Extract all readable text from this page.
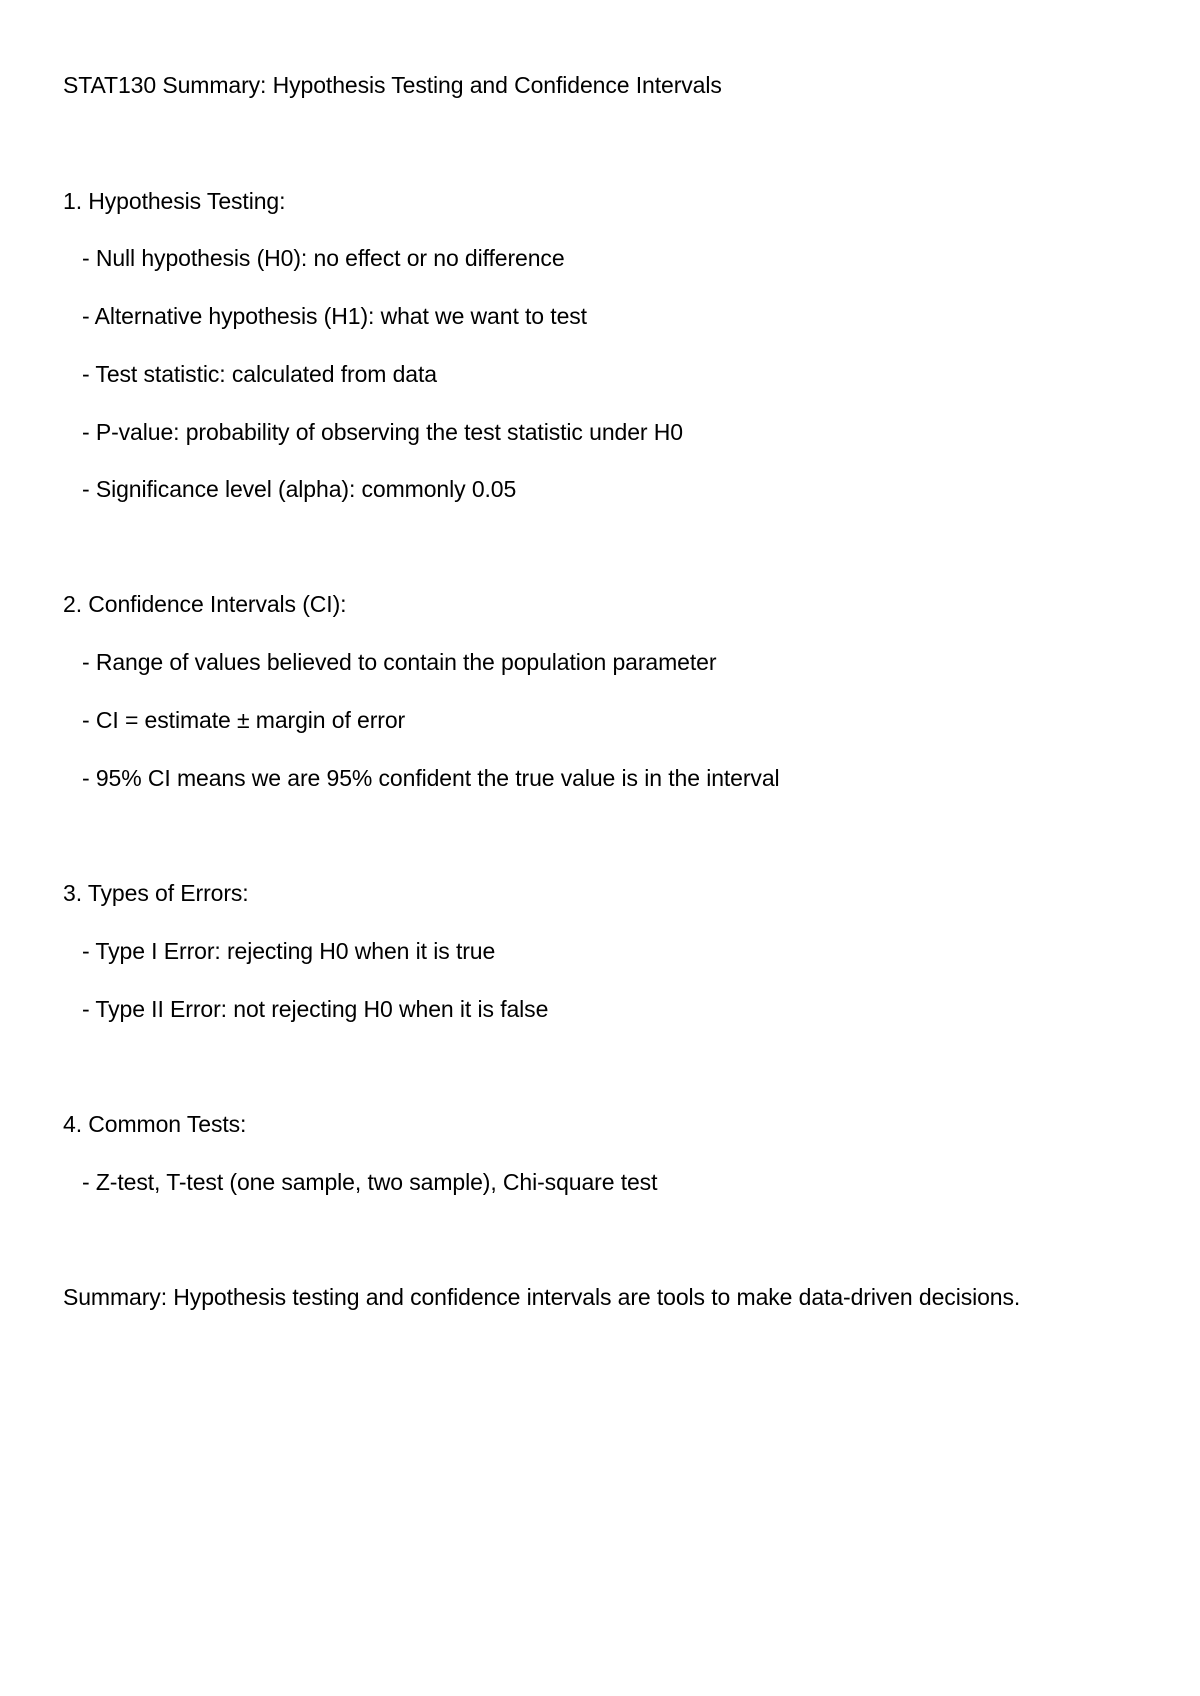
STAT130 Summary: Hypothesis Testing and Confidence Intervals
1. Hypothesis Testing:
- Null hypothesis (H0): no effect or no difference
- Alternative hypothesis (H1): what we want to test
- Test statistic: calculated from data
- P-value: probability of observing the test statistic under H0
- Significance level (alpha): commonly 0.05
2. Confidence Intervals (CI):
- Range of values believed to contain the population parameter
- CI = estimate ± margin of error
- 95% CI means we are 95% confident the true value is in the interval
3. Types of Errors:
- Type I Error: rejecting H0 when it is true
- Type II Error: not rejecting H0 when it is false
4. Common Tests:
- Z-test, T-test (one sample, two sample), Chi-square test
Summary: Hypothesis testing and confidence intervals are tools to make data-driven decisions.
